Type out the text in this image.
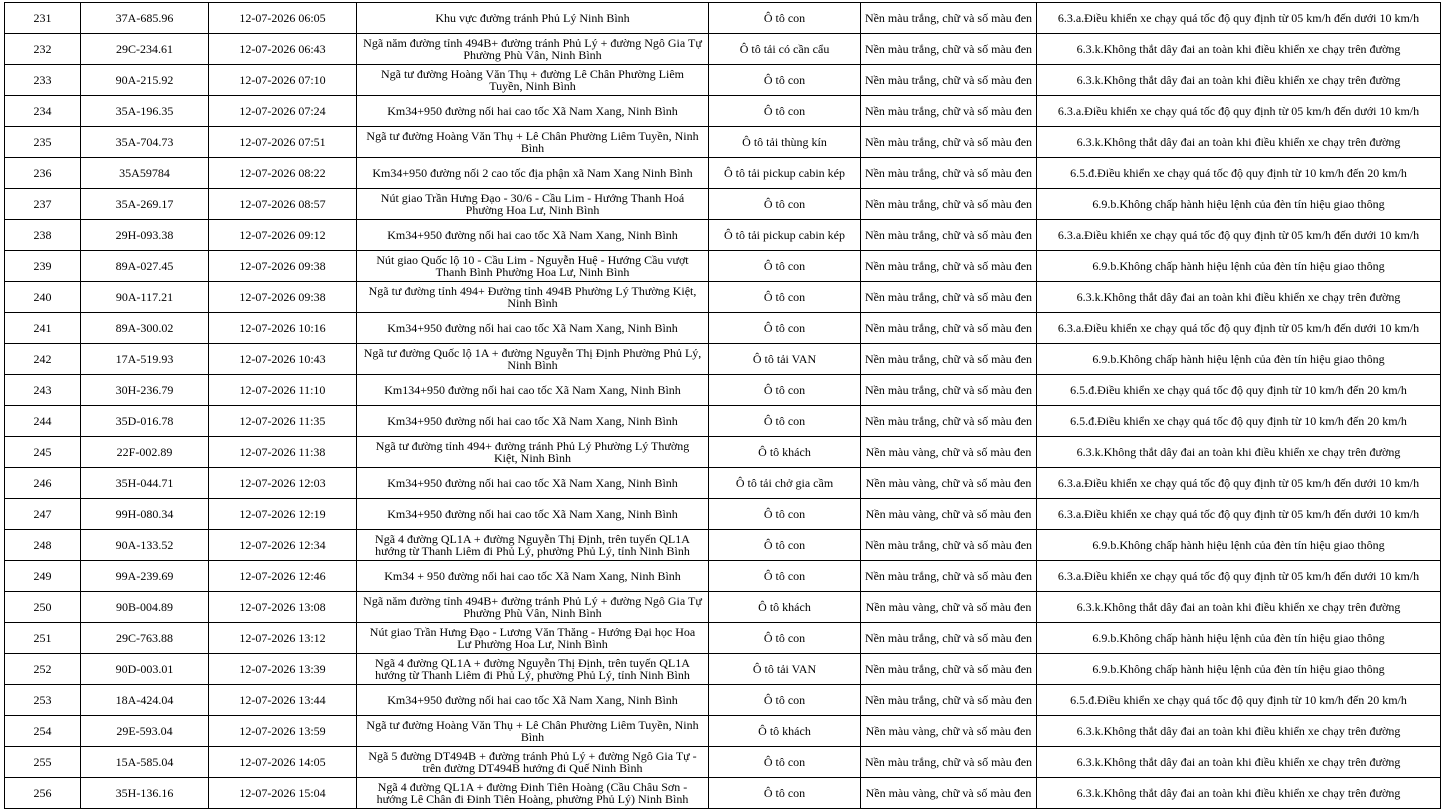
231	37A-685.96	12-07-2026 06:05	Khu vực đường tránh Phủ Lý Ninh Bình	Ô tô con	Nền màu trắng, chữ và số màu đen	6.3.a.Điều khiển xe chạy quá tốc độ quy định từ 05 km/h đến dưới 10 km/h
232	29C-234.61	12-07-2026 06:43	Ngã năm đường tỉnh 494B+ đường tránh Phủ Lý + đường Ngô Gia Tự Phường Phù Vân, Ninh Bình	Ô tô tải có cần cẩu	Nền màu trắng, chữ và số màu đen	6.3.k.Không thắt dây đai an toàn khi điều khiển xe chạy trên đường
233	90A-215.92	12-07-2026 07:10	Ngã tư đường Hoàng Văn Thụ + đường Lê Chân Phường Liêm Tuyền, Ninh Bình	Ô tô con	Nền màu trắng, chữ và số màu đen	6.3.k.Không thắt dây đai an toàn khi điều khiển xe chạy trên đường
234	35A-196.35	12-07-2026 07:24	Km34+950 đường nối hai cao tốc Xã Nam Xang, Ninh Bình	Ô tô con	Nền màu trắng, chữ và số màu đen	6.3.a.Điều khiển xe chạy quá tốc độ quy định từ 05 km/h đến dưới 10 km/h
235	35A-704.73	12-07-2026 07:51	Ngã tư đường Hoàng Văn Thụ + Lê Chân Phường Liêm Tuyền, Ninh Bình	Ô tô tải thùng kín	Nền màu trắng, chữ và số màu đen	6.3.k.Không thắt dây đai an toàn khi điều khiển xe chạy trên đường
236	35A59784	12-07-2026 08:22	Km34+950 đường nối 2 cao tốc địa phận xã Nam Xang Ninh Bình	Ô tô tải pickup cabin kép	Nền màu trắng, chữ và số màu đen	6.5.đ.Điều khiển xe chạy quá tốc độ quy định từ 10 km/h đến 20 km/h
237	35A-269.17	12-07-2026 08:57	Nút giao Trần Hưng Đạo - 30/6 - Cầu Lim - Hướng Thanh Hoá Phường Hoa Lư, Ninh Bình	Ô tô con	Nền màu trắng, chữ và số màu đen	6.9.b.Không chấp hành hiệu lệnh của đèn tín hiệu giao thông
238	29H-093.38	12-07-2026 09:12	Km34+950 đường nối hai cao tốc Xã Nam Xang, Ninh Bình	Ô tô tải pickup cabin kép	Nền màu trắng, chữ và số màu đen	6.3.a.Điều khiển xe chạy quá tốc độ quy định từ 05 km/h đến dưới 10 km/h
239	89A-027.45	12-07-2026 09:38	Nút giao Quốc lộ 10 - Cầu Lim - Nguyễn Huệ - Hướng Cầu vượt Thanh Bình Phường Hoa Lư, Ninh Bình	Ô tô con	Nền màu trắng, chữ và số màu đen	6.9.b.Không chấp hành hiệu lệnh của đèn tín hiệu giao thông
240	90A-117.21	12-07-2026 09:38	Ngã tư đường tỉnh 494+ Đường tỉnh 494B Phường Lý Thường Kiệt, Ninh Bình	Ô tô con	Nền màu trắng, chữ và số màu đen	6.3.k.Không thắt dây đai an toàn khi điều khiển xe chạy trên đường
241	89A-300.02	12-07-2026 10:16	Km34+950 đường nối hai cao tốc Xã Nam Xang, Ninh Bình	Ô tô con	Nền màu trắng, chữ và số màu đen	6.3.a.Điều khiển xe chạy quá tốc độ quy định từ 05 km/h đến dưới 10 km/h
242	17A-519.93	12-07-2026 10:43	Ngã tư đường Quốc lộ 1A + đường Nguyễn Thị Định Phường Phủ Lý, Ninh Bình	Ô tô tải VAN	Nền màu trắng, chữ và số màu đen	6.9.b.Không chấp hành hiệu lệnh của đèn tín hiệu giao thông
243	30H-236.79	12-07-2026 11:10	Km134+950 đường nối hai cao tốc Xã Nam Xang, Ninh Bình	Ô tô con	Nền màu trắng, chữ và số màu đen	6.5.đ.Điều khiển xe chạy quá tốc độ quy định từ 10 km/h đến 20 km/h
244	35D-016.78	12-07-2026 11:35	Km34+950 đường nối hai cao tốc Xã Nam Xang, Ninh Bình	Ô tô con	Nền màu trắng, chữ và số màu đen	6.5.đ.Điều khiển xe chạy quá tốc độ quy định từ 10 km/h đến 20 km/h
245	22F-002.89	12-07-2026 11:38	Ngã tư đường tỉnh 494+ đường tránh Phủ Lý Phường Lý Thường Kiệt, Ninh Bình	Ô tô khách	Nền màu vàng, chữ và số màu đen	6.3.k.Không thắt dây đai an toàn khi điều khiển xe chạy trên đường
246	35H-044.71	12-07-2026 12:03	Km34+950 đường nối hai cao tốc Xã Nam Xang, Ninh Bình	Ô tô tải chở gia cầm	Nền màu vàng, chữ và số màu đen	6.3.a.Điều khiển xe chạy quá tốc độ quy định từ 05 km/h đến dưới 10 km/h
247	99H-080.34	12-07-2026 12:19	Km34+950 đường nối hai cao tốc Xã Nam Xang, Ninh Bình	Ô tô con	Nền màu vàng, chữ và số màu đen	6.3.a.Điều khiển xe chạy quá tốc độ quy định từ 05 km/h đến dưới 10 km/h
248	90A-133.52	12-07-2026 12:34	Ngã 4 đường QL1A + đường Nguyễn Thị Định, trên tuyến QL1A hướng từ Thanh Liêm đi Phủ Lý, phường Phủ Lý, tỉnh Ninh Bình	Ô tô con	Nền màu trắng, chữ và số màu đen	6.9.b.Không chấp hành hiệu lệnh của đèn tín hiệu giao thông
249	99A-239.69	12-07-2026 12:46	Km34 + 950 đường nối hai cao tốc Xã Nam Xang, Ninh Bình	Ô tô con	Nền màu trắng, chữ và số màu đen	6.3.a.Điều khiển xe chạy quá tốc độ quy định từ 05 km/h đến dưới 10 km/h
250	90B-004.89	12-07-2026 13:08	Ngã năm đường tỉnh 494B+ đường tránh Phủ Lý + đường Ngô Gia Tự Phường Phù Vân, Ninh Bình	Ô tô khách	Nền màu vàng, chữ và số màu đen	6.3.k.Không thắt dây đai an toàn khi điều khiển xe chạy trên đường
251	29C-763.88	12-07-2026 13:12	Nút giao Trần Hưng Đạo - Lương Văn Thăng - Hướng Đại học Hoa Lư Phường Hoa Lư, Ninh Bình	Ô tô con	Nền màu trắng, chữ và số màu đen	6.9.b.Không chấp hành hiệu lệnh của đèn tín hiệu giao thông
252	90D-003.01	12-07-2026 13:39	Ngã 4 đường QL1A + đường Nguyễn Thị Định, trên tuyến QL1A hướng từ Thanh Liêm đi Phủ Lý, phường Phủ Lý, tỉnh Ninh Bình	Ô tô tải VAN	Nền màu trắng, chữ và số màu đen	6.9.b.Không chấp hành hiệu lệnh của đèn tín hiệu giao thông
253	18A-424.04	12-07-2026 13:44	Km34+950 đường nối hai cao tốc Xã Nam Xang, Ninh Bình	Ô tô con	Nền màu trắng, chữ và số màu đen	6.5.đ.Điều khiển xe chạy quá tốc độ quy định từ 10 km/h đến 20 km/h
254	29E-593.04	12-07-2026 13:59	Ngã tư đường Hoàng Văn Thụ + Lê Chân Phường Liêm Tuyền, Ninh Bình	Ô tô khách	Nền màu vàng, chữ và số màu đen	6.3.k.Không thắt dây đai an toàn khi điều khiển xe chạy trên đường
255	15A-585.04	12-07-2026 14:05	Ngã 5 đường DT494B + đường tránh Phủ Lý + đường Ngô Gia Tự - trên đường DT494B hướng đi Quế Ninh Bình	Ô tô con	Nền màu trắng, chữ và số màu đen	6.3.k.Không thắt dây đai an toàn khi điều khiển xe chạy trên đường
256	35H-136.16	12-07-2026 15:04	Ngã 4 đường QL1A + đường Đinh Tiên Hoàng (Cầu Châu Sơn - hướng Lê Chân đi Đinh Tiên Hoàng, phường Phủ Lý) Ninh Bình	Ô tô con	Nền màu vàng, chữ và số màu đen	6.3.k.Không thắt dây đai an toàn khi điều khiển xe chạy trên đường
